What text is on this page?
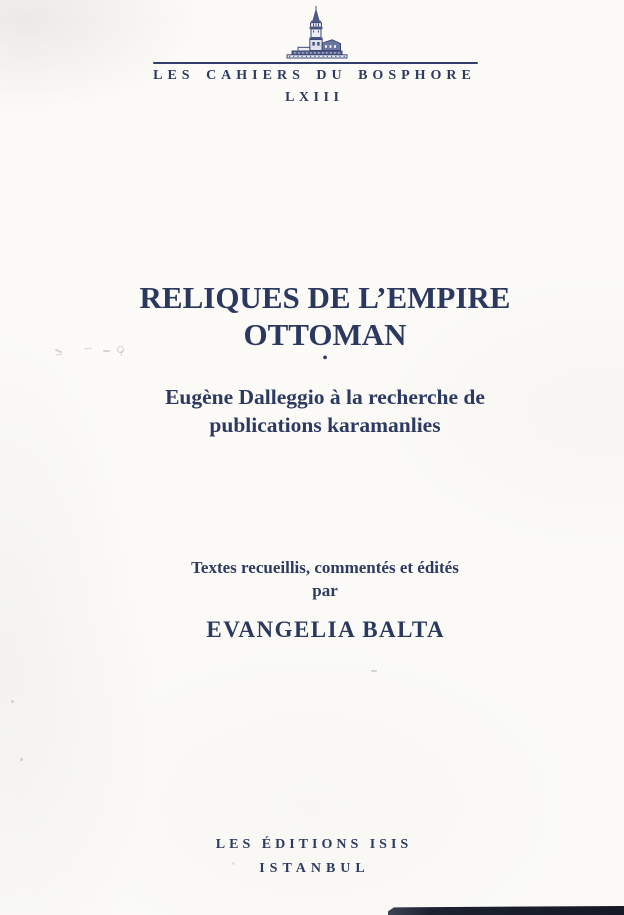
LES CAHIERS DU BOSPHORE
LXIII
RELIQUES DE L’EMPIRE
OTTOMAN
•
Eugène Dalleggio à la recherche de
publications karamanlies
Textes recueillis, commentés et édités
par
EVANGELIA BALTA
LES ÉDITIONS ISIS
ISTANBUL
